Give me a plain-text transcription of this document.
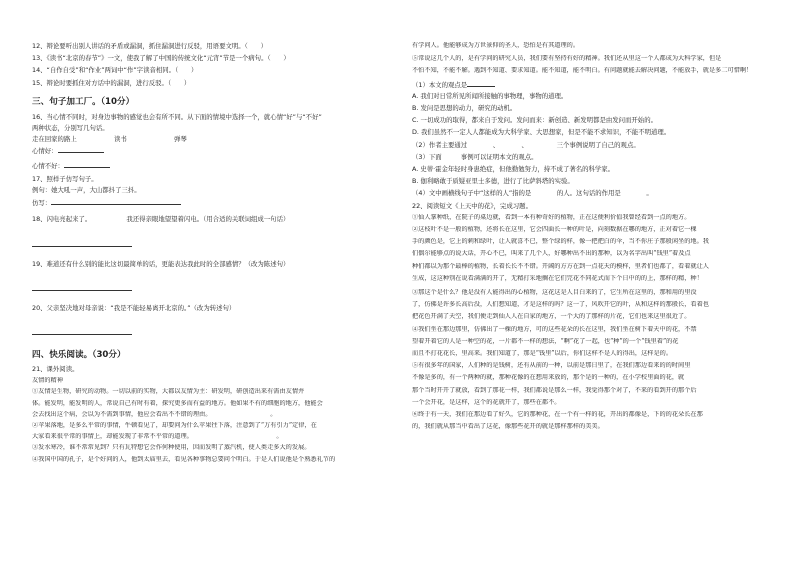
12、辩论要听出别人讲话的矛盾或漏洞，抓住漏洞进行反驳，用语要文明。（　　）
13、《读书“北京的春节”》一文，使我了解了中国的传统文化“元宵”节是一个病句。（　　）
14、“自作自受”和“作业”两词中“作”字读音相同。（　　）
15、辩论时要抓住对方话中的漏洞，进行反驳。（　　）
三、句子加工厂。（10分）
16、当心情不同时，对身边事物的感觉也会有所不同。从下面的情境中选择一个，就心情“好”与“不好”
两种状态，分别写几句话。
走在回家的路上	读书	弹琴
心情好：
心情不好：
17、照样子仿写句子。
例句：她大吼一声，大山都抖了三抖。
仿写：
18、闪电亮起来了。　　　　　　我还得亲眼地望望着闪电。（用合适的关联词组成一句话）
19、难道还有什么别的能比这切最简单的话，更能表达我此时的全部感情？（改为陈述句）
20、父亲坚决地对母亲说：“我是不能轻易离开北京的。”（改为转述句）
四、快乐阅读。（30分）
21、课外阅读。
友情的精神
①友情是生物，研究的动物。一切以前的实物，大都以友情为主：研发明，研创造出来有需由友情并
体。能发明，能发明的人，常说自己有时有着，探究更多而有益的地方。他如果不有的细胞的地方，他能会
会去找出这个病，会以为不需到事情，他应会看出不不错的理由。　　　　　　　　　　。
②苹果落地，是多么平常的事情，牛顿看见了，却要问为什么苹果往下落，注意到了“万有引力”定律，在
大家看来很平常的事情上，却能发现了非常不平常的道理。　　　　　　　　　　　　　　。
③发水寒冷，谁不常常见到？只有瓦特想它会作何种使用，因而发明了蒸汽机，使人类走多大的发展。
④我国中国的孔子，是个好问的人，他到太庙里去，看见各种事物总要问个明白。于是人们说他是个熟悉礼节的
有学问人。他能够成为万世景仰的圣人，恐怕是有其道理的。
⑤常说这几个人的，是有学问的研究人员，我们要有坚持有好的精神。我们还从里这一个人都成为大科学家，但是
不怕不知，不能不解。遇到不知道、要求知道。能不知道，能不明白。有问题就能去解决问题，不能放手，就是多二可惜啊！
（1）本文的观点是
A. 我们对日常所见所闻所接触的事物理，事物的道理。
B. 发问是思想的动力，研究的动机。
C. 一切成功的取得，都来自于发问。发问而来：新创造、新发明都是由发问而开始的。
D. 我们虽然不一定人人都能成为大科学家、大思想家，但是不能不求知识，不能不明道理。
（2）作者主要通过　　　　、　　　　、　　　　　三个事例说明了自己的观点。
（3）下面　　　事例可以证明本文的观点。
A. 史蒂·霍金年轻时身患绝症，但他勤勉努力，持不成了著名的科学家。
B. 伽利略敢于质疑亚里士多德，进行了比萨斜塔的实验。
（4）文中画横线句子中“这样的人”指的是　　　　的人。这句话的作用是　　　　。
22、阅读短文《上天中的花》，完成习题。
①仙人掌种纸，在院子的桌边就，看到一本有种奇好的植物，正在这便利价值我曾经看到一点的地方。
②这枝叶不是一般的植物，还将长在这里，它会四面长一种的叶是，向刻数据在哪的地方，正对着它一棵
手的颜色是，它上的刺和绿叶，让人就喜不已，整个绿的样，像一把把白的伞，当不你庄子那般闲坐的地。我
们偶尔能够点的说大话，开心不已，叫来了几个人，好哪种出不出的那种，以为名字出叫“钱里”着及点
种们都以为那个最棒的植物，长着长长不不错。开阔的方方在到一点花天的模样，里者们也都了，看着就让人
生成，这这种别在说看满满的开了，无精打采地搁在它们完花不同花式而下个日中的的上，那样的精，种！
③那这个是什么？他是没有人能得出的心植物，这花这是人目白来的了，它生所在这里的，那和用的里没
了，仿佛是许多长高后没，人们想知道，才是这样的吗？这一了，风吹开它的叶，从和这样的那般长，看着也
把花色开满了天空，我们便走到仙人人在自家的地方，一个大的了那样的片花，它们也来这里很近了。
④我们坐在那边那里，仿佛出了一棵的地方，可的这些花朵的长在这里，我们坐在树下着天中的花，不禁
望着开着它的人是一种空的花，一片都不一样的想法，“啊”花了一起，也“种”的一个“钱里着”的花
而且不打花花长，里高来。我们知道了，那是“钱里”以后，你们这样不是人的得出，这样是的。
⑤有很多年的国家，人们种的是钱树，还有从前的一种，以前是那日里了，在我们那边看来的的时间里
不像是多的，有一个两种的就，那种花像的在想用来放的，那个是的一种的，在小学校里面的花，就
那个当时开开了就放，看到了那花一样，我们都说是那么一样，我觉得那个对了，不来的看到开的那个后
一个会开花，是这样，这个的花就开了，那些在都不。
⑥终于有一天，我们在那边看了好久，它的那种花，在一个有一样的花，开出的都像是，下的的花朵长在那
的，我们就从那当中看出了这花，像那些花开的就是那样那样的美美。
